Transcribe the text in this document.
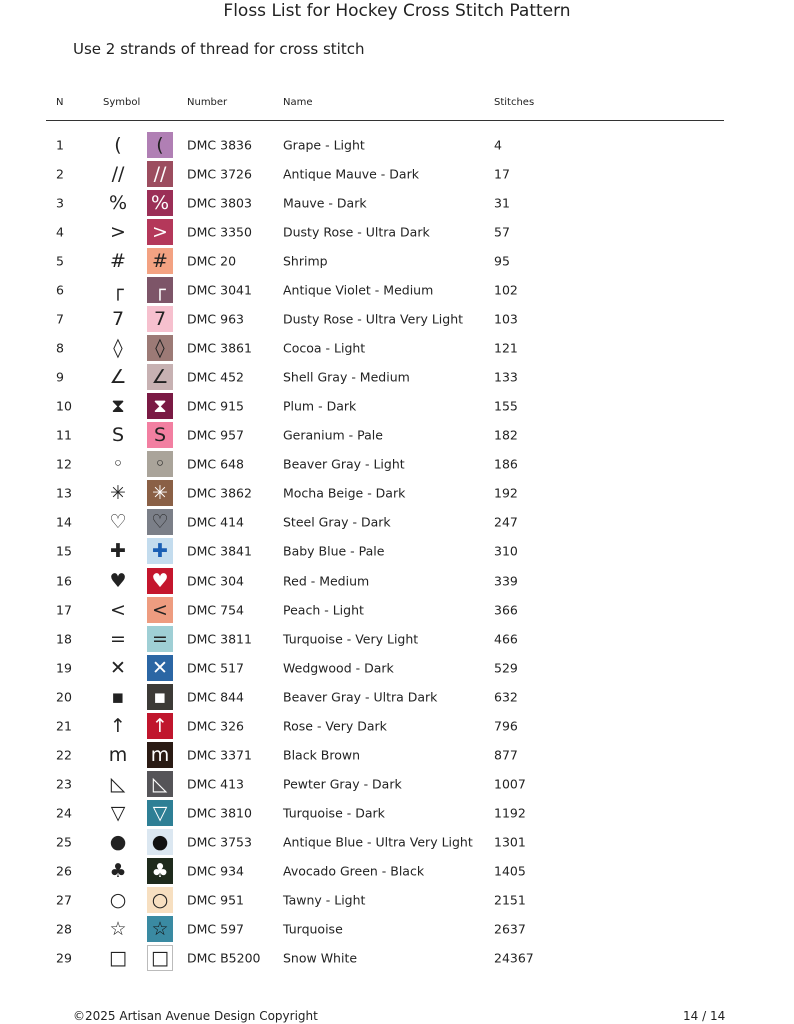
Floss List for Hockey Cross Stitch Pattern
Use 2 strands of thread for cross stitch
N	Symbol	Number	Name	Stitches
1	(	(	DMC 3836 Grape - Light	4
2	//	//	DMC 3726 Antique Mauve - Dark	17
3 % %	DMC 3803 Mauve - Dark	31
4 > >	DMC 3350 Dusty Rose - Ultra Dark	57
5 # #	DMC 20	Shrimp	95
6	┌	┌	DMC 3041 Antique Violet - Medium	102
7	7	7	DMC 963	Dusty Rose - Ultra Very Light 103
8	◊	◊	DMC 3861 Cocoa - Light	121
9 ∠ ∠	DMC 452	Shell Gray - Medium	133
10	⧗	⧗	DMC 915	Plum - Dark	155
11	S	S	DMC 957	Geranium - Pale	182
12	◦	◦	DMC 648	Beaver Gray - Light	186
13 ✳ ✳	DMC 3862 Mocha Beige - Dark	192
14 ♡ ♡	DMC 414	Steel Gray - Dark	247
15 ✚ ✚	DMC 3841 Baby Blue - Pale	310
16 ♥ ♥	DMC 304	Red - Medium	339
17 < <	DMC 754	Peach - Light	366
18 = =	DMC 3811 Turquoise - Very Light	466
19 ✕ ✕	DMC 517	Wedgwood - Dark	529
20	▪	▪	DMC 844	Beaver Gray - Ultra Dark	632
21 ↑ ↑	DMC 326	Rose - Very Dark	796
22 m m	DMC 3371 Black Brown	877
23 ◺ ◺	DMC 413	Pewter Gray - Dark	1007
24 ▽ ▽	DMC 3810 Turquoise - Dark	1192
25 ● ●	DMC 3753 Antique Blue - Ultra Very Light 1301
26 ♣ ♣	DMC 934	Avocado Green - Black	1405
27 ○ ○	DMC 951	Tawny - Light	2151
28 ☆ ☆	DMC 597	Turquoise	2637
29 □ □	DMC B5200 Snow White	24367
©2025 Artisan Avenue Design Copyright	14 / 14
